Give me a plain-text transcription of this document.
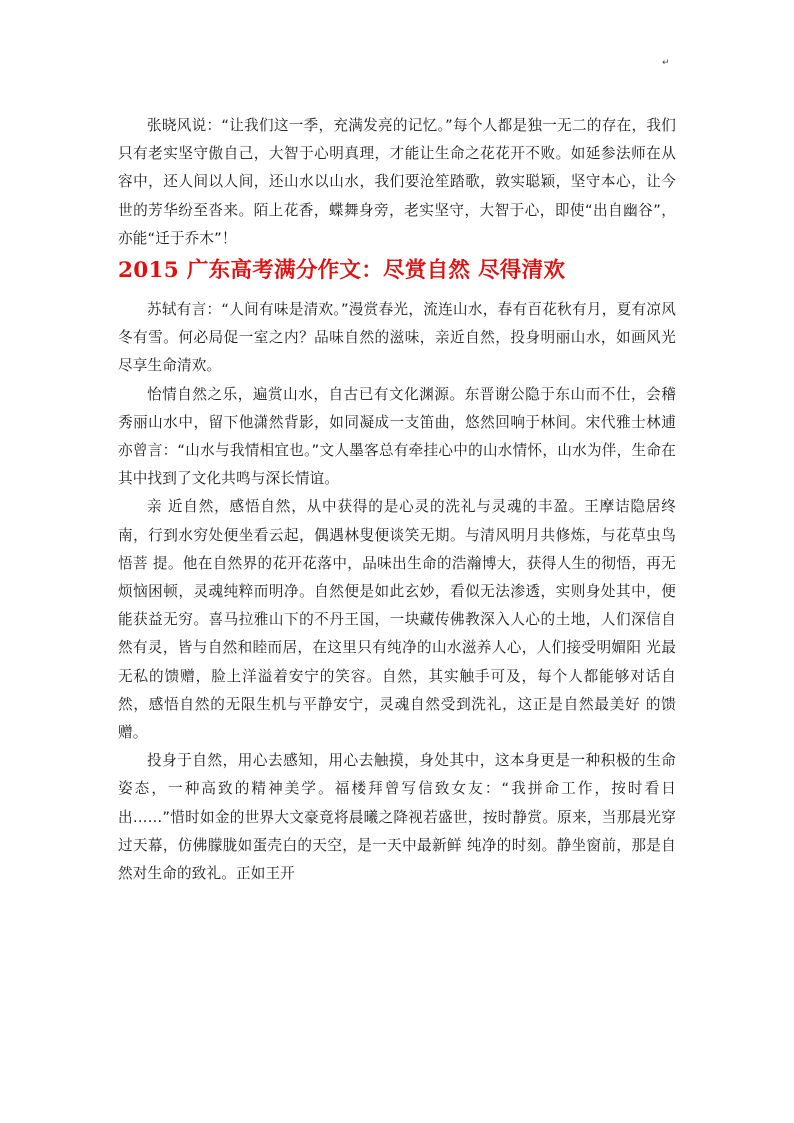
↵

张晓风说：“让我们这一季，充满发亮的记忆。”每个人都是独一无二的存在，我们只有老实坚守傲自己，大智于心明真理，才能让生命之花花开不败。如延参法师在从容中，还人间以人间，还山水以山水，我们要沧笙踏歌，敦实聪颖，坚守本心，让今世的芳华纷至沓来。陌上花香，蝶舞身旁，老实坚守，大智于心，即使“出自幽谷”，亦能“迁于乔木”！

2015 广东高考满分作文：尽赏自然 尽得清欢

苏轼有言：“人间有味是清欢。”漫赏春光，流连山水，春有百花秋有月，夏有凉风冬有雪。何必局促一室之内？品味自然的滋味，亲近自然，投身明丽山水，如画风光尽享生命清欢。

怡情自然之乐，遍赏山水，自古已有文化渊源。东晋谢公隐于东山而不仕，会稽秀丽山水中，留下他潇然背影，如同凝成一支笛曲，悠然回响于林间。宋代雅士林逋亦曾言：“山水与我情相宜也。”文人墨客总有牵挂心中的山水情怀，山水为伴，生命在其中找到了文化共鸣与深长情谊。

亲 近自然，感悟自然，从中获得的是心灵的洗礼与灵魂的丰盈。王摩诘隐居终南，行到水穷处便坐看云起，偶遇林叟便谈笑无期。与清风明月共修炼，与花草虫鸟悟菩 提。他在自然界的花开花落中，品味出生命的浩瀚博大，获得人生的彻悟，再无烦恼困顿，灵魂纯粹而明净。自然便是如此玄妙，看似无法渗透，实则身处其中，便 能获益无穷。喜马拉雅山下的不丹王国，一块藏传佛教深入人心的土地，人们深信自然有灵，皆与自然和睦而居，在这里只有纯净的山水滋养人心，人们接受明媚阳 光最无私的馈赠，脸上洋溢着安宁的笑容。自然，其实触手可及，每个人都能够对话自然，感悟自然的无限生机与平静安宁，灵魂自然受到洗礼，这正是自然最美好 的馈赠。

投身于自然，用心去感知，用心去触摸，身处其中，这本身更是一种积极的生命姿态，一种高致的精神美学。福楼拜曾写信致女友：“我拼命工作，按时看日出……”惜时如金的世界大文豪竟将晨曦之降视若盛世，按时静赏。原来，当那晨光穿过天幕，仿佛朦胧如蛋壳白的天空，是一天中最新鲜 纯净的时刻。静坐窗前，那是自然对生命的致礼。正如王开
